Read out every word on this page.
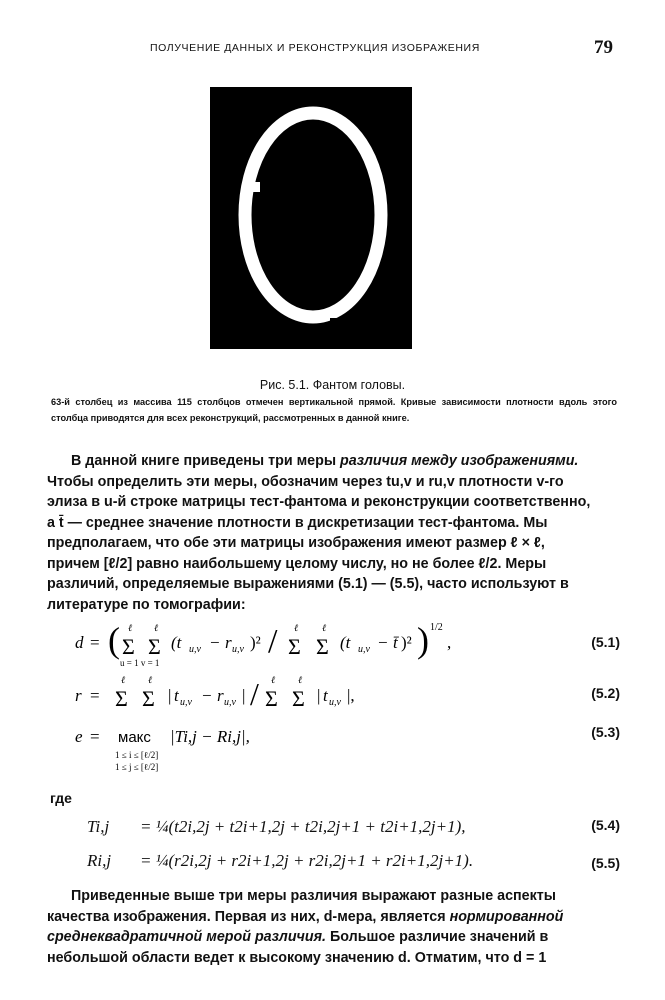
ПОЛУЧЕНИЕ ДАННЫХ И РЕКОНСТРУКЦИЯ ИЗОБРАЖЕНИЯ	79
Рис. 5.1. Фантом головы.
63-й столбец из массива 115 столбцов отмечен вертикальной прямой. Кривые зависимости плотности вдоль этого столбца приводятся для всех реконструкций, рассмотренных в данной книге.
В данной книге приведены три меры различия между изображениями.
Чтобы определить эти меры, обозначим через tu,v и ru,v плотности v-го
элиза в u-й строке матрицы тест-фантома и реконструкции соответственно,
а t̄ — среднее значение плотности в дискретизации тест-фантома. Мы
предполагаем, что обе эти матрицы изображения имеют размер ℓ × ℓ,
причем [ℓ/2] равно наибольшему целому числу, но не более ℓ/2. Меры
различий, определяемые выражениями (5.1) — (5.5), часто используют в
литературе по томографии:
d = ( Σ
ℓ
Σ
ℓ
(t u,v − r u,v )² / Σ
ℓ
Σ
ℓ
(t u,v − t̄ )² ) 1/2
,
u = 1 v = 1
(5.1)
r = Σ
ℓ
Σ
ℓ
| t u,v − r u,v | / Σ
ℓ
Σ
ℓ
| t u,v |,	(5.2)
e = макс |Ti,j − Ri,j|,
1 ≤ i ≤ [ℓ/2]
1 ≤ j ≤ [ℓ/2]
(5.3)
где
Ti,j = ¼(t2i,2j + t2i+1,2j + t2i,2j+1 + t2i+1,2j+1),	(5.4)
Ri,j = ¼(r2i,2j + r2i+1,2j + r2i,2j+1 + r2i+1,2j+1).	(5.5)
Приведенные выше три меры различия выражают разные аспекты
качества изображения. Первая из них, d-мера, является нормированной
среднеквадратичной мерой различия. Большое различие значений в
небольшой области ведет к высокому значению d. Отматим, что d = 1
